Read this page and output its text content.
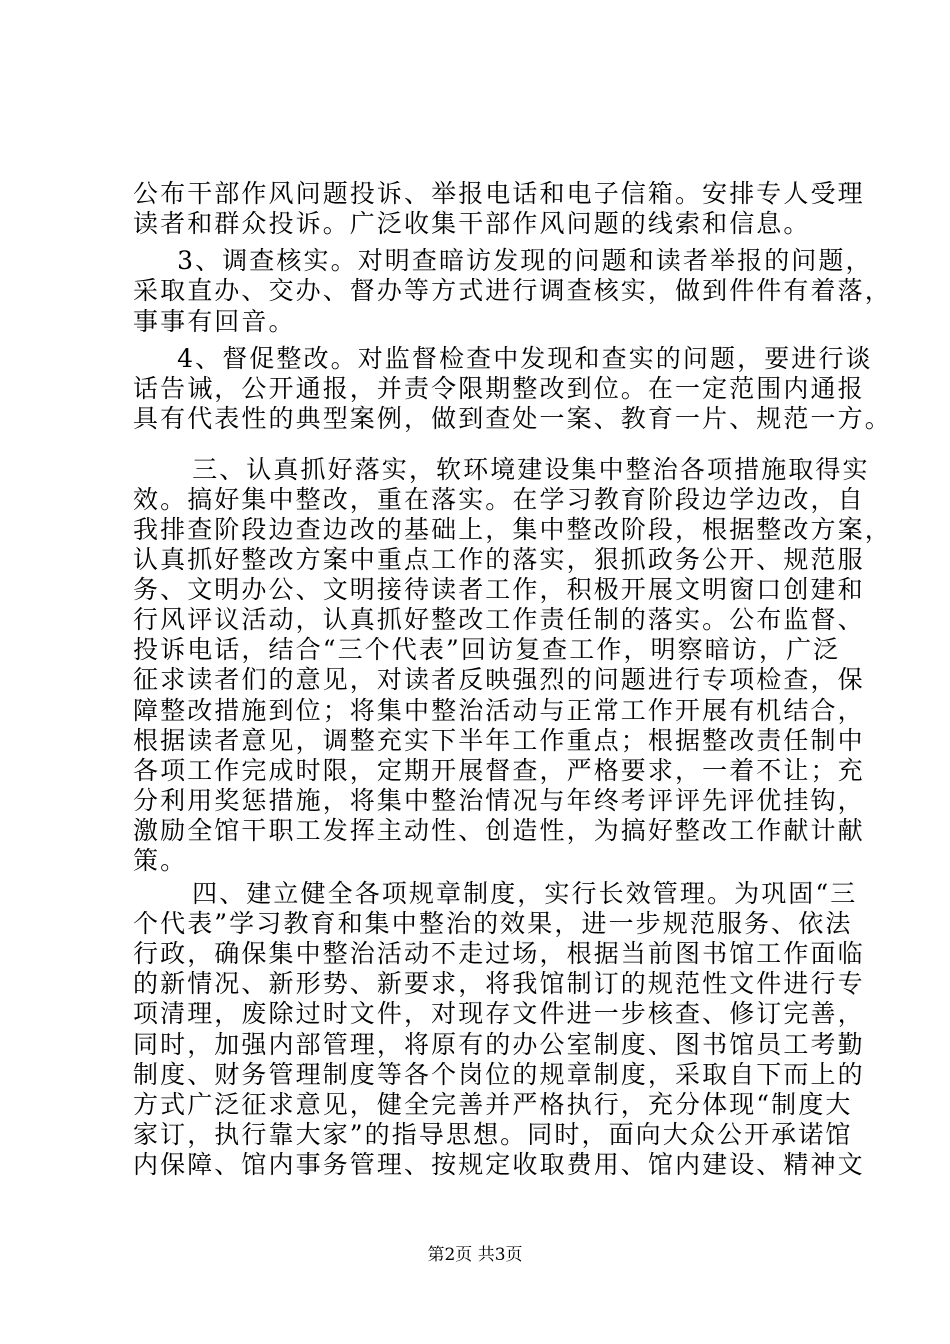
公布干部作风问题投诉、举报电话和电子信箱。安排专人受理
读者和群众投诉。广泛收集干部作风问题的线索和信息。
　3、调查核实。对明查暗访发现的问题和读者举报的问题，
采取直办、交办、督办等方式进行调查核实，做到件件有着落，
事事有回音。
　4、督促整改。对监督检查中发现和查实的问题，要进行谈
话告诫，公开通报，并责令限期整改到位。在一定范围内通报
具有代表性的典型案例，做到查处一案、教育一片、规范一方。
　三、认真抓好落实，软环境建设集中整治各项措施取得实
效。搞好集中整改，重在落实。在学习教育阶段边学边改，自
我排查阶段边查边改的基础上，集中整改阶段，根据整改方案，
认真抓好整改方案中重点工作的落实，狠抓政务公开、规范服
务、文明办公、文明接待读者工作，积极开展文明窗口创建和
行风评议活动，认真抓好整改工作责任制的落实。公布监督、
投诉电话，结合“三个代表”回访复查工作，明察暗访，广泛
征求读者们的意见，对读者反映强烈的问题进行专项检查，保
障整改措施到位；将集中整治活动与正常工作开展有机结合，
根据读者意见，调整充实下半年工作重点；根据整改责任制中
各项工作完成时限，定期开展督查，严格要求，一着不让；充
分利用奖惩措施，将集中整治情况与年终考评评先评优挂钩，
激励全馆干职工发挥主动性、创造性，为搞好整改工作献计献
策。
　四、建立健全各项规章制度，实行长效管理。为巩固“三
个代表”学习教育和集中整治的效果，进一步规范服务、依法
行政，确保集中整治活动不走过场，根据当前图书馆工作面临
的新情况、新形势、新要求，将我馆制订的规范性文件进行专
项清理，废除过时文件，对现存文件进一步核查、修订完善，
同时，加强内部管理，将原有的办公室制度、图书馆员工考勤
制度、财务管理制度等各个岗位的规章制度，采取自下而上的
方式广泛征求意见，健全完善并严格执行，充分体现“制度大
家订，执行靠大家”的指导思想。同时，面向大众公开承诺馆
内保障、馆内事务管理、按规定收取费用、馆内建设、精神文
第2页 共3页
